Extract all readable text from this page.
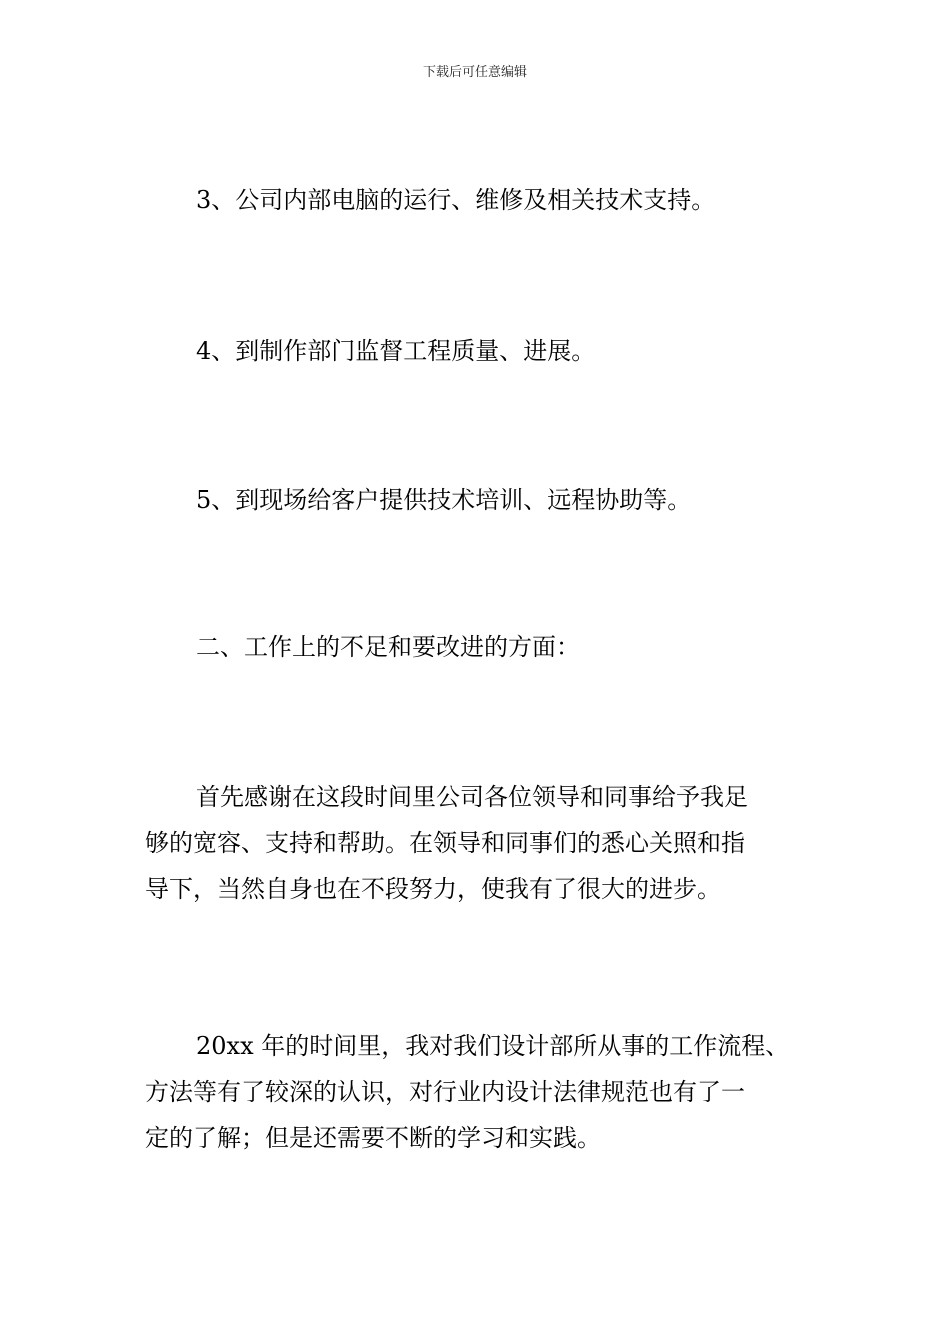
下载后可任意编辑

3、公司内部电脑的运行、维修及相关技术支持。

4、到制作部门监督工程质量、进展。

5、到现场给客户提供技术培训、远程协助等。

二、工作上的不足和要改进的方面：

首先感谢在这段时间里公司各位领导和同事给予我足
够的宽容、支持和帮助。在领导和同事们的悉心关照和指
导下，当然自身也在不段努力，使我有了很大的进步。

20xx 年的时间里，我对我们设计部所从事的工作流程、
方法等有了较深的认识，对行业内设计法律规范也有了一
定的了解；但是还需要不断的学习和实践。
